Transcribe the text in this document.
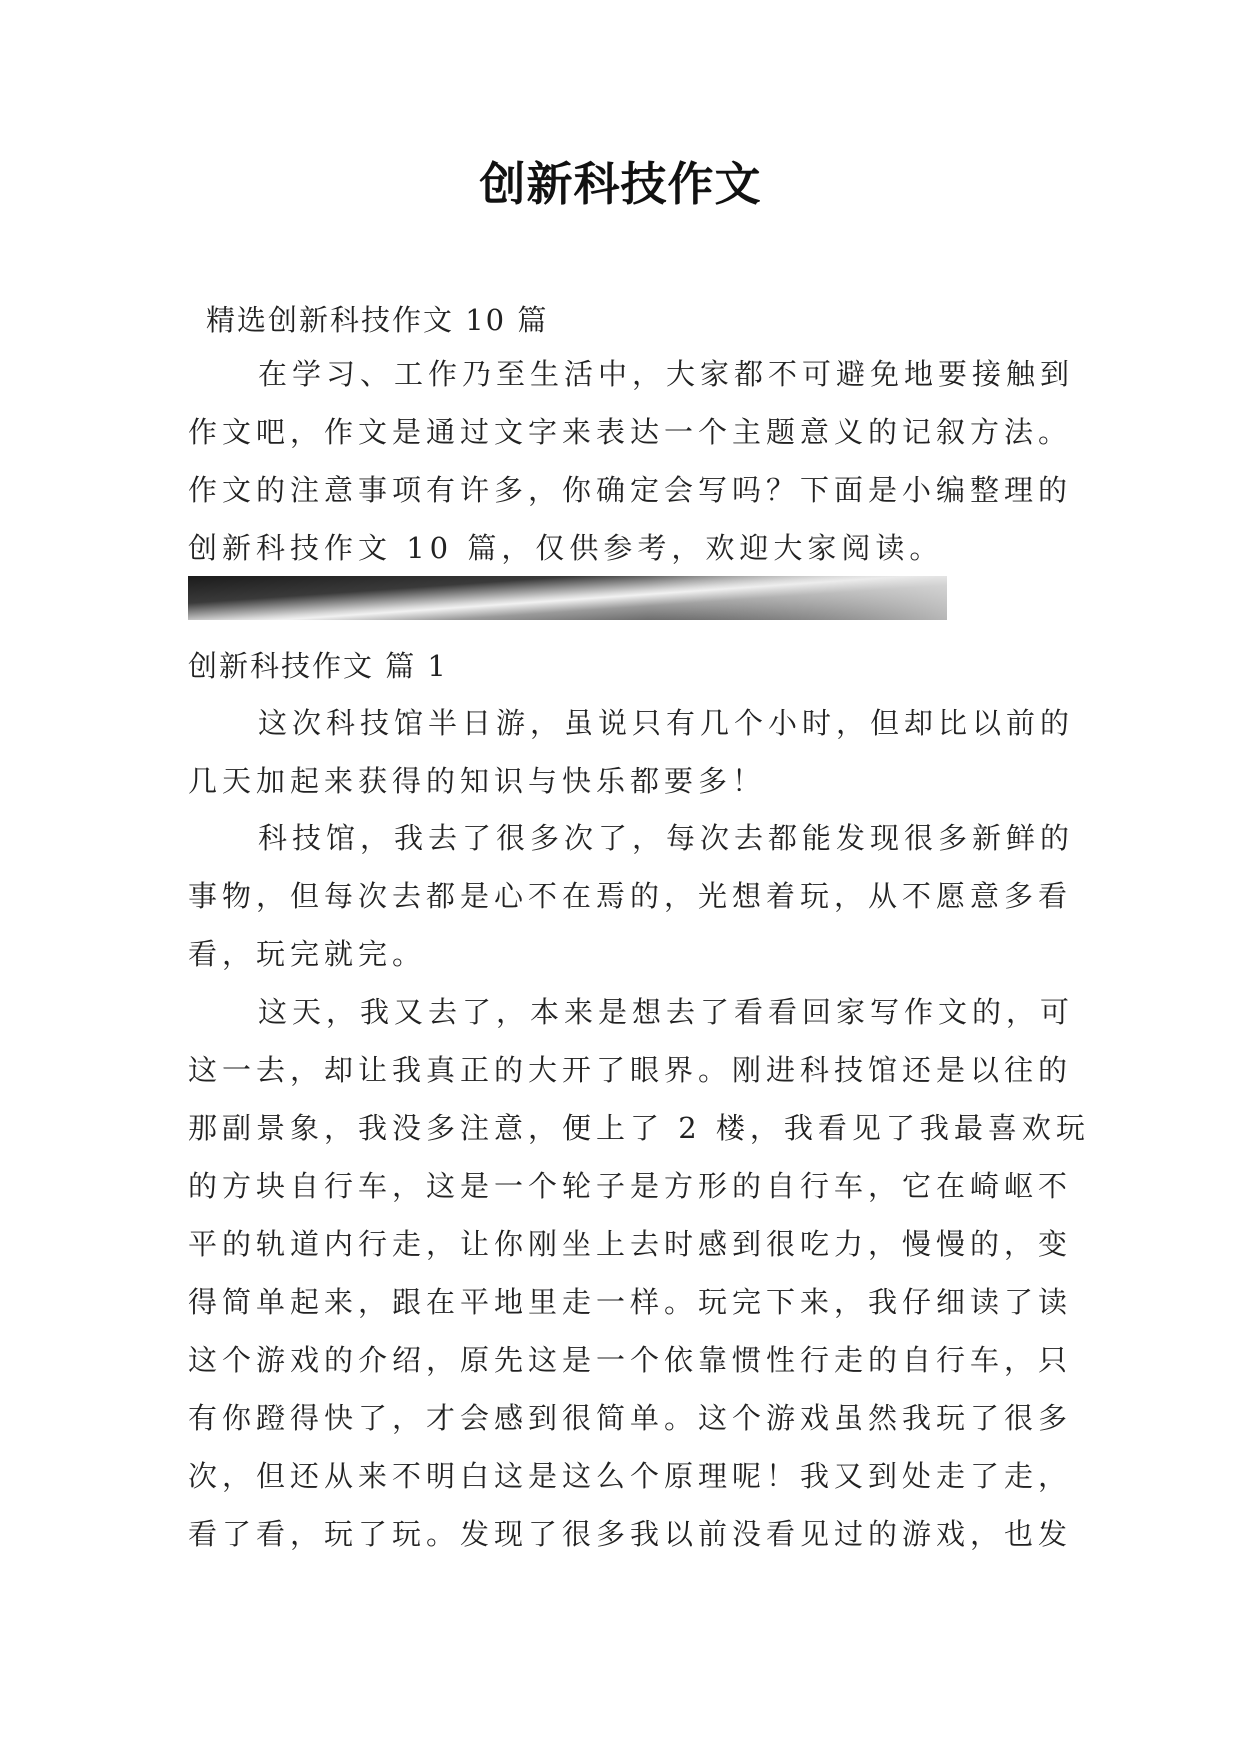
创新科技作文
精选创新科技作文 10 篇
在学习、工作乃至生活中，大家都不可避免地要接触到
作文吧，作文是通过文字来表达一个主题意义的记叙方法。
作文的注意事项有许多，你确定会写吗？下面是小编整理的
创新科技作文 10 篇，仅供参考，欢迎大家阅读。
创新科技作文 篇 1
这次科技馆半日游，虽说只有几个小时，但却比以前的
几天加起来获得的知识与快乐都要多！
科技馆，我去了很多次了，每次去都能发现很多新鲜的
事物，但每次去都是心不在焉的，光想着玩，从不愿意多看
看，玩完就完。
这天，我又去了，本来是想去了看看回家写作文的，可
这一去，却让我真正的大开了眼界。刚进科技馆还是以往的
那副景象，我没多注意，便上了 2 楼，我看见了我最喜欢玩
的方块自行车，这是一个轮子是方形的自行车，它在崎岖不
平的轨道内行走，让你刚坐上去时感到很吃力，慢慢的，变
得简单起来，跟在平地里走一样。玩完下来，我仔细读了读
这个游戏的介绍，原先这是一个依靠惯性行走的自行车，只
有你蹬得快了，才会感到很简单。这个游戏虽然我玩了很多
次，但还从来不明白这是这么个原理呢！我又到处走了走，
看了看，玩了玩。发现了很多我以前没看见过的游戏，也发
